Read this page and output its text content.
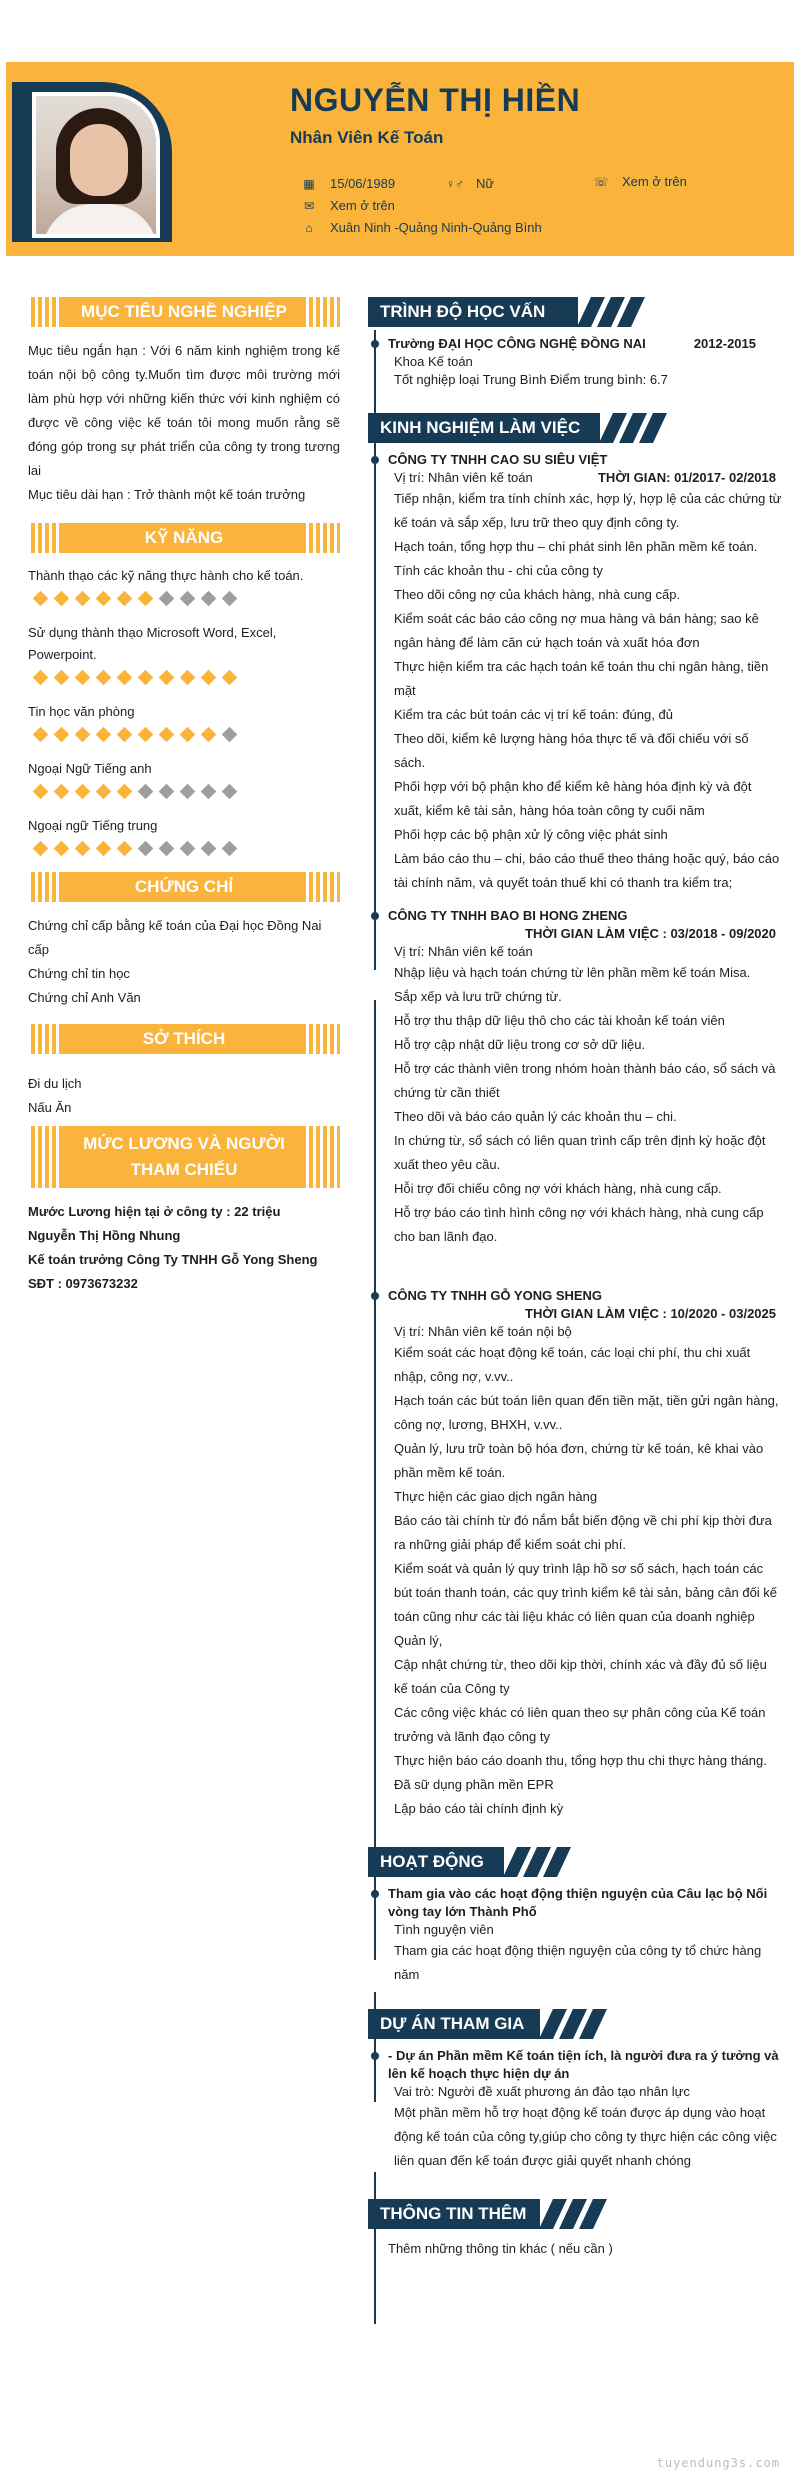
NGUYỄN THỊ HIỀN
Nhân Viên Kế Toán
▦ 15/06/1989	♀♂ Nữ	☏ Xem ở trên
✉	Xem ở trên
⌂	Xuân Ninh -Quảng Ninh-Quảng Bình
MỤC TIÊU NGHỀ NGHIỆP
Mục tiêu ngắn hạn : Với 6 năm kinh nghiệm trong kế toán nội bộ công ty.Muốn tìm được môi trường mới làm phù hợp với những kiến thức với kinh nghiệm có được về công việc kế toán tôi mong muốn rằng sẽ đóng góp trong sự phát triển của công ty trong tương lai
Mục tiêu dài hạn : Trở thành một kế toán trưởng
KỸ NĂNG
Thành thạo các kỹ năng thực hành cho kế toán.
Sử dụng thành thạo Microsoft Word, Excel, Powerpoint.
Tin học văn phòng
Ngoại Ngữ Tiếng anh
Ngoại ngữ Tiếng trung
CHỨNG CHỈ
Chứng chỉ cấp bằng kế toán của Đại học Đồng Nai cấp
Chứng chỉ tin học
Chứng chỉ Anh Văn
SỞ THÍCH
Đi du lịch
Nấu Ăn
MỨC LƯƠNG VÀ NGƯỜI
THAM CHIẾU
Mước Lương hiện tại ở công ty : 22 triệu
Nguyễn Thị Hồng Nhung
Kế toán trưởng Công Ty TNHH Gỗ Yong Sheng
SĐT : 0973673232
TRÌNH ĐỘ HỌC VẤN
Trường ĐẠI HỌC CÔNG NGHỆ ĐỒNG NAI	2012-2015
Khoa Kế toán
Tốt nghiệp loại Trung Bình Điểm trung bình: 6.7
KINH NGHIỆM LÀM VIỆC
CÔNG TY TNHH CAO SU SIÊU VIỆT
Vị trí: Nhân viên kế toán	THỜI GIAN: 01/2017- 02/2018
Tiếp nhận, kiểm tra tính chính xác, hợp lý, hợp lệ của các chứng từ kế toán và sắp xếp, lưu trữ theo quy định công ty.
Hạch toán, tổng hợp thu – chi phát sinh lên phần mềm kế toán.
Tính các khoản thu - chi của công ty
Theo dõi công nợ của khách hàng, nhà cung cấp.
Kiểm soát các báo cáo công nợ mua hàng và bán hàng; sao kê ngân hàng để làm căn cứ hạch toán và xuất hóa đơn
Thực hiện kiểm tra các hạch toán kế toán thu chi ngân hàng, tiền mặt
Kiểm tra các bút toán các vị trí kế toán: đúng, đủ
Theo dõi, kiểm kê lượng hàng hóa thực tế và đối chiếu với số sách.
Phối hợp với bộ phận kho để kiểm kê hàng hóa định kỳ và đột xuất, kiểm kê tài sản, hàng hóa toàn công ty cuối năm
Phối hợp các bộ phận xử lý công việc phát sinh
Làm báo cáo thu – chi, báo cáo thuế theo tháng hoặc quý, báo cáo tài chính năm, và quyết toán thuế khi có thanh tra kiểm tra;
CÔNG TY TNHH BAO BI HONG ZHENG
THỜI GIAN LÀM VIỆC : 03/2018 - 09/2020
Vị trí: Nhân viên kế toán
Nhập liệu và hạch toán chứng từ lên phần mềm kế toán Misa.
Sắp xếp và lưu trữ chứng từ.
Hỗ trợ thu thập dữ liệu thô cho các tài khoản kế toán viên
Hỗ trợ cập nhật dữ liệu trong cơ sở dữ liệu.
Hỗ trợ các thành viên trong nhóm hoàn thành báo cáo, sổ sách và chứng từ cần thiết
Theo dõi và báo cáo quản lý các khoản thu – chi.
In chứng từ, sổ sách có liên quan trình cấp trên định kỳ hoặc đột xuất theo yêu cầu.
Hỗi trợ đối chiếu công nợ với khách hàng, nhà cung cấp.
Hỗ trợ báo cáo tình hình công nợ với khách hàng, nhà cung cấp cho ban lãnh đạo.
CÔNG TY TNHH GỖ YONG SHENG
THỜI GIAN LÀM VIỆC : 10/2020 - 03/2025
Vị trí: Nhân viên kế toán nội bộ
Kiểm soát các hoạt động kế toán, các loại chi phí, thu chi xuất nhập, công nợ, v.vv..
Hạch toán các bút toán liên quan đến tiền mặt, tiền gửi ngân hàng, công nợ, lương, BHXH, v.vv..
Quản lý, lưu trữ toàn bộ hóa đơn, chứng từ kế toán, kê khai vào phần mềm kế toán.
Thực hiện các giao dịch ngân hàng
Báo cáo tài chính từ đó nắm bắt biến động về chi phí kịp thời đưa ra những giải pháp để kiểm soát chi phí.
Kiểm soát và quản lý quy trình lập hồ sơ số sách, hạch toán các bút toán thanh toán, các quy trình kiểm kê tài sản, bảng cân đối kế toán cũng như các tài liệu khác có liên quan của doanh nghiệp Quản lý,
Cập nhật chứng từ, theo dõi kịp thời, chính xác và đầy đủ số liệu kế toán của Công ty
Các công việc khác có liên quan theo sự phân công của Kế toán trưởng và lãnh đạo công ty
Thực hiện báo cáo doanh thu, tổng hợp thu chi thực hàng tháng.
Đã sữ dụng phần mền EPR
Lập báo cáo tài chính định kỳ
HOẠT ĐỘNG
Tham gia vào các hoạt động thiện nguyện của Câu lạc bộ Nối vòng tay lớn Thành Phố
Tình nguyện viên
Tham gia các hoạt động thiện nguyện của công ty tổ chức hàng năm
DỰ ÁN THAM GIA
- Dự án Phần mềm Kế toán tiện ích, là người đưa ra ý tưởng và lên kế hoạch thực hiện dự án
Vai trò: Người đề xuất phương án đảo tạo nhân lực
Một phần mềm hỗ trợ hoạt động kế toán được áp dụng vào hoạt động kế toán của công ty,giúp cho công ty thực hiện các công việc liên quan đến kế toán được giải quyết nhanh chóng
THÔNG TIN THÊM
Thêm những thông tin khác ( nếu cần )
tuyendung3s.com
